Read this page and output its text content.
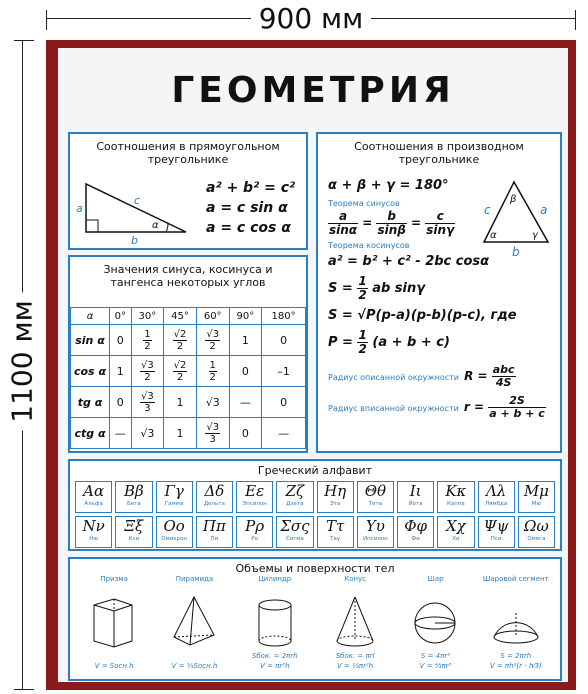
900 мм
1100 мм
ГЕОМЕТРИЯ
Соотношения в прямоугольном треугольнике
a
b
c
α
a² + b² = c²
a = c sin α
a = c cos α
Значения синуса, косинуса и тангенса некоторых углов
α	0°	30°	45°	60°	90°	180°
sin α	0	$\frac{1}{2}$	$\frac{√2}{2}$	$\frac{√3}{2}$	1	0
cos α	1	$\frac{√3}{2}$	$\frac{√2}{2}$	$\frac{1}{2}$	0	–1
tg α	0	$\frac{√3}{3}$	1	√3	—	0
ctg α	—	√3	1	$\frac{√3}{3}$	0	—
Соотношения в производном треугольнике
c	a
b
β
α	γ
α + β + γ = 180°
Теорема синусов
$\frac{a}{\sin\alpha} = \frac{b}{\sin\beta} = \frac{c}{\sin\gamma}$
Теорема косинусов
a² = b² + c² - 2bc cosα
$S = \frac{1}{2}$ ab sinγ
S = √P(p-a)(p-b)(p-c), где
$P = \frac{1}{2} (a + b + c)$
Радиус описанной окружности $R = \frac{\text{abc}}{4S}$
Радиус вписанной окружности $r = \frac{2S}{a + b + c}$
Греческий алфавит
Αα
Альфа
Ββ
Бета
Γγ
Гамма
Δδ
Дельта
Εε
Эпсилон
Ζζ
Дзета
Ηη
Эта
Θθ
Тета
Ιι
Йота
Κκ
Каппа
Λλ
Лямбда
Μμ
Мю
Νν
Ню
Ξξ
Кси
Οο
Омикрон
Ππ
Пи
Ρρ
Ро
Σσς
Сигма
Ττ
Тау
Υυ
Ипсилон
Φφ
Фи
Χχ
Хи
Ψψ
Пси
Ωω
Омега
Объемы и поверхности тел
Призма

V = Sосн.h
Пирамида

V = ⅓Sосн.h
Цилиндр
Sбок. = 2πrh
V = πr²h
Конус
Sбок. = πrl
V = ⅓πr²h
Шар
S = 4πr²
V = ⁴⁄₃πr³
Шаровой сегмент
S = 2πrh
V = πh²(r - h⁄3)
